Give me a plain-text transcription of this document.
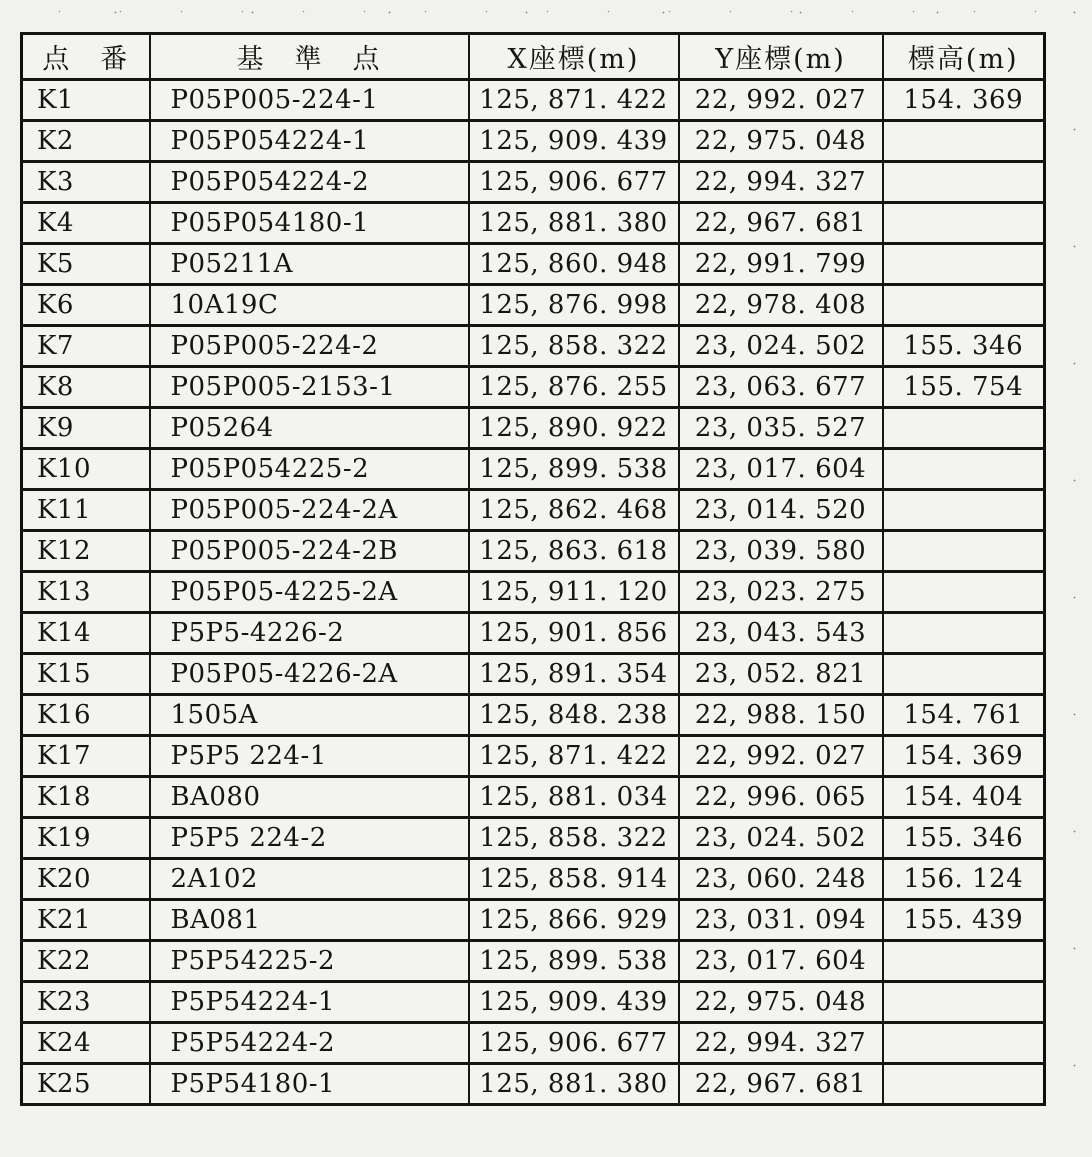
点　番	基　準　点	X座標(m)	Y座標(m)	標高(m)
K1	P05P005-224-1	125, 871. 422	22, 992. 027	154. 369
K2	P05P054224-1	125, 909. 439	22, 975. 048	
K3	P05P054224-2	125, 906. 677	22, 994. 327	
K4	P05P054180-1	125, 881. 380	22, 967. 681	
K5	P05211A	125, 860. 948	22, 991. 799	
K6	10A19C	125, 876. 998	22, 978. 408	
K7	P05P005-224-2	125, 858. 322	23, 024. 502	155. 346
K8	P05P005-2153-1	125, 876. 255	23, 063. 677	155. 754
K9	P05264	125, 890. 922	23, 035. 527	
K10	P05P054225-2	125, 899. 538	23, 017. 604	
K11	P05P005-224-2A	125, 862. 468	23, 014. 520	
K12	P05P005-224-2B	125, 863. 618	23, 039. 580	
K13	P05P05-4225-2A	125, 911. 120	23, 023. 275	
K14	P5P5-4226-2	125, 901. 856	23, 043. 543	
K15	P05P05-4226-2A	125, 891. 354	23, 052. 821	
K16	1505A	125, 848. 238	22, 988. 150	154. 761
K17	P5P5 224-1	125, 871. 422	22, 992. 027	154. 369
K18	BA080	125, 881. 034	22, 996. 065	154. 404
K19	P5P5 224-2	125, 858. 322	23, 024. 502	155. 346
K20	2A102	125, 858. 914	23, 060. 248	156. 124
K21	BA081	125, 866. 929	23, 031. 094	155. 439
K22	P5P54225-2	125, 899. 538	23, 017. 604	
K23	P5P54224-1	125, 909. 439	22, 975. 048	
K24	P5P54224-2	125, 906. 677	22, 994. 327	
K25	P5P54180-1	125, 881. 380	22, 967. 681	
